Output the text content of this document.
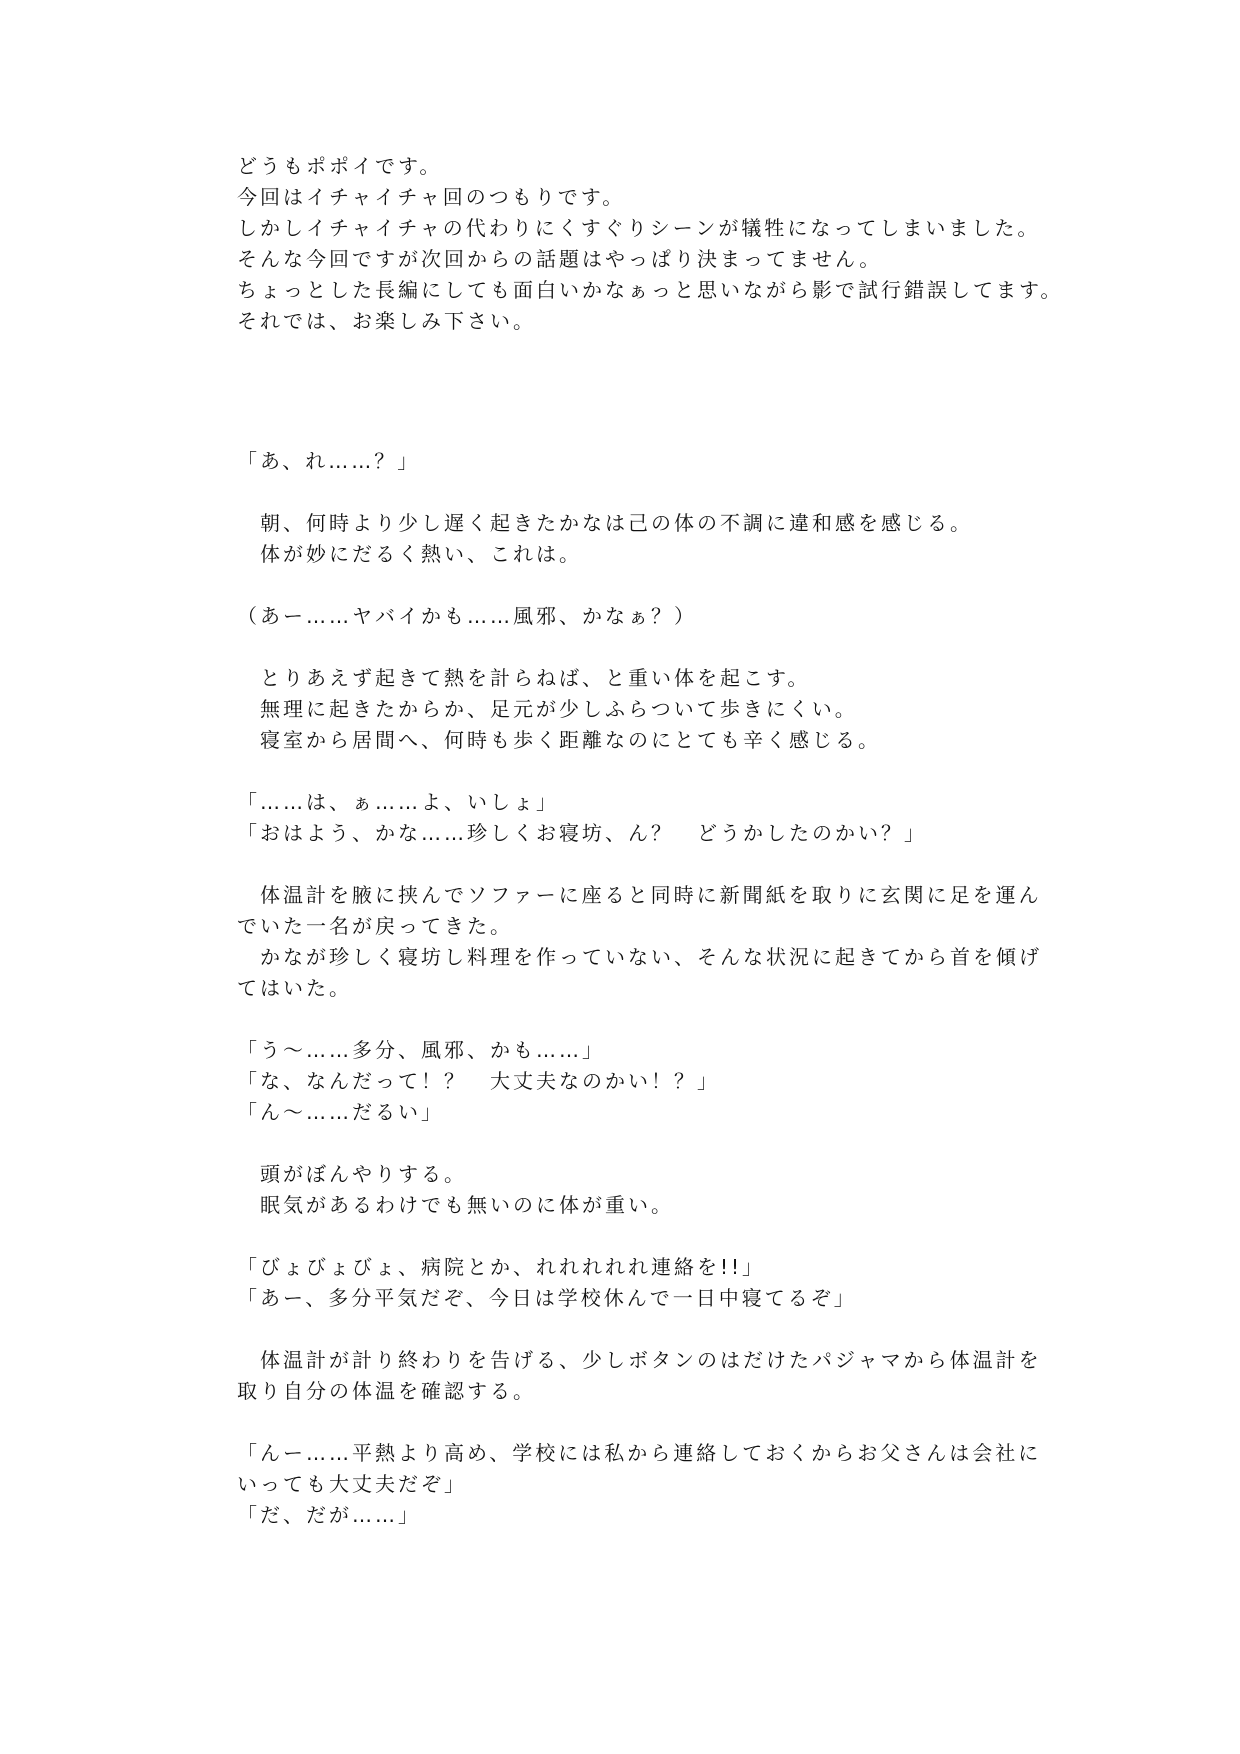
どうもポポイです。

今回はイチャイチャ回のつもりです。

しかしイチャイチャの代わりにくすぐりシーンが犠牲になってしまいました。

そんな今回ですが次回からの話題はやっぱり決まってません。

ちょっとした長編にしても面白いかなぁっと思いながら影で試行錯誤してます。

それでは、お楽しみ下さい。

「あ、れ……？」

　朝、何時より少し遅く起きたかなは己の体の不調に違和感を感じる。

　体が妙にだるく熱い、これは。

（あー……ヤバイかも……風邪、かなぁ？）

　とりあえず起きて熱を計らねば、と重い体を起こす。

　無理に起きたからか、足元が少しふらついて歩きにくい。

　寝室から居間へ、何時も歩く距離なのにとても辛く感じる。

「……は、ぁ……よ、いしょ」

「おはよう、かな……珍しくお寝坊、ん？　どうかしたのかい？」

　体温計を腋に挟んでソファーに座ると同時に新聞紙を取りに玄関に足を運ん

でいた一名が戻ってきた。

　かなが珍しく寝坊し料理を作っていない、そんな状況に起きてから首を傾げ

てはいた。

「う～……多分、風邪、かも……」

「な、なんだって！？　大丈夫なのかい！？」

「ん～……だるい」

　頭がぼんやりする。

　眠気があるわけでも無いのに体が重い。

「びょびょびょ、病院とか、れれれれれ連絡を!!」

「あー、多分平気だぞ、今日は学校休んで一日中寝てるぞ」

　体温計が計り終わりを告げる、少しボタンのはだけたパジャマから体温計を

取り自分の体温を確認する。

「んー……平熱より高め、学校には私から連絡しておくからお父さんは会社に

いっても大丈夫だぞ」

「だ、だが……」
